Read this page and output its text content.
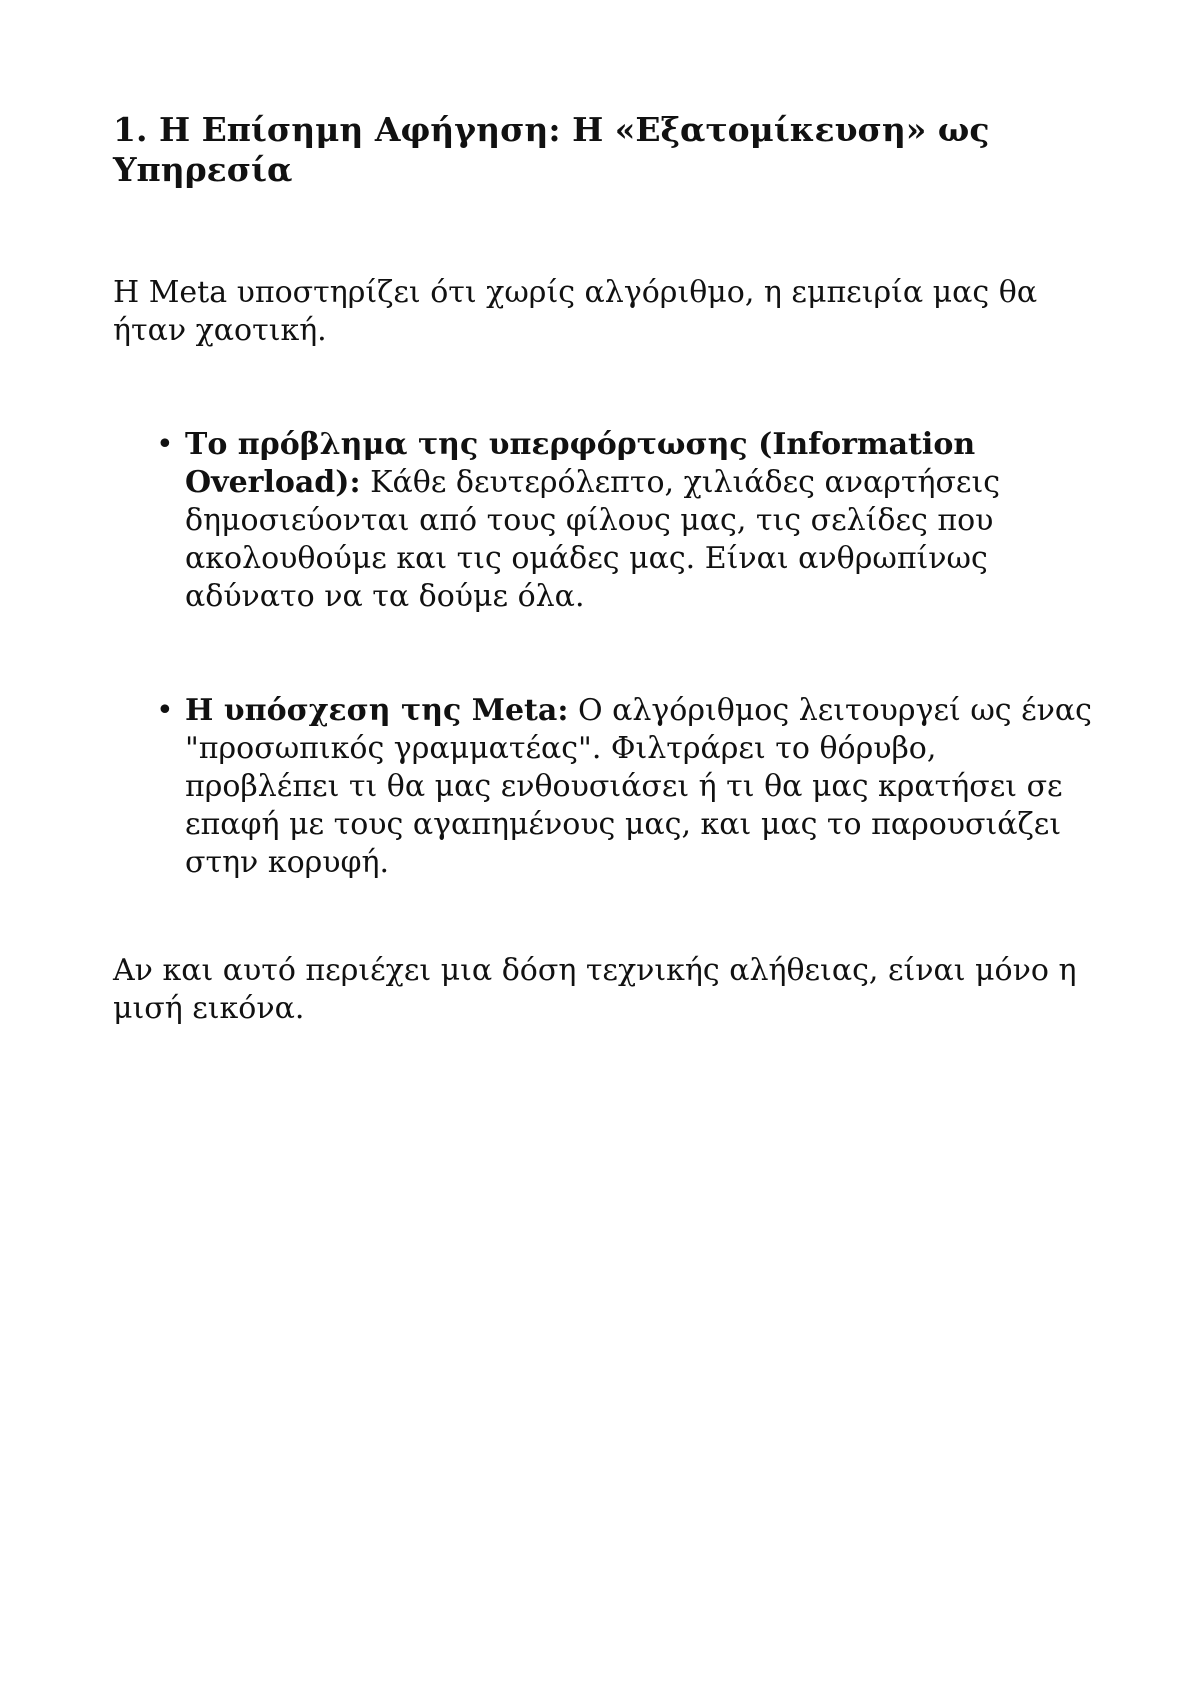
1. Η Επίσημη Αφήγηση: Η «Εξατομίκευση» ως Υπηρεσία

Η Meta υποστηρίζει ότι χωρίς αλγόριθμο, η εμπειρία μας θα ήταν χαοτική.

• Το πρόβλημα της υπερφόρτωσης (Information Overload): Κάθε δευτερόλεπτο, χιλιάδες αναρτήσεις δημοσιεύονται από τους φίλους μας, τις σελίδες που ακολουθούμε και τις ομάδες μας. Είναι ανθρωπίνως αδύνατο να τα δούμε όλα.
• Η υπόσχεση της Meta: Ο αλγόριθμος λειτουργεί ως ένας "προσωπικός γραμματέας". Φιλτράρει το θόρυβο, προβλέπει τι θα μας ενθουσιάσει ή τι θα μας κρατήσει σε επαφή με τους αγαπημένους μας, και μας το παρουσιάζει στην κορυφή.

Αν και αυτό περιέχει μια δόση τεχνικής αλήθειας, είναι μόνο η μισή εικόνα.
